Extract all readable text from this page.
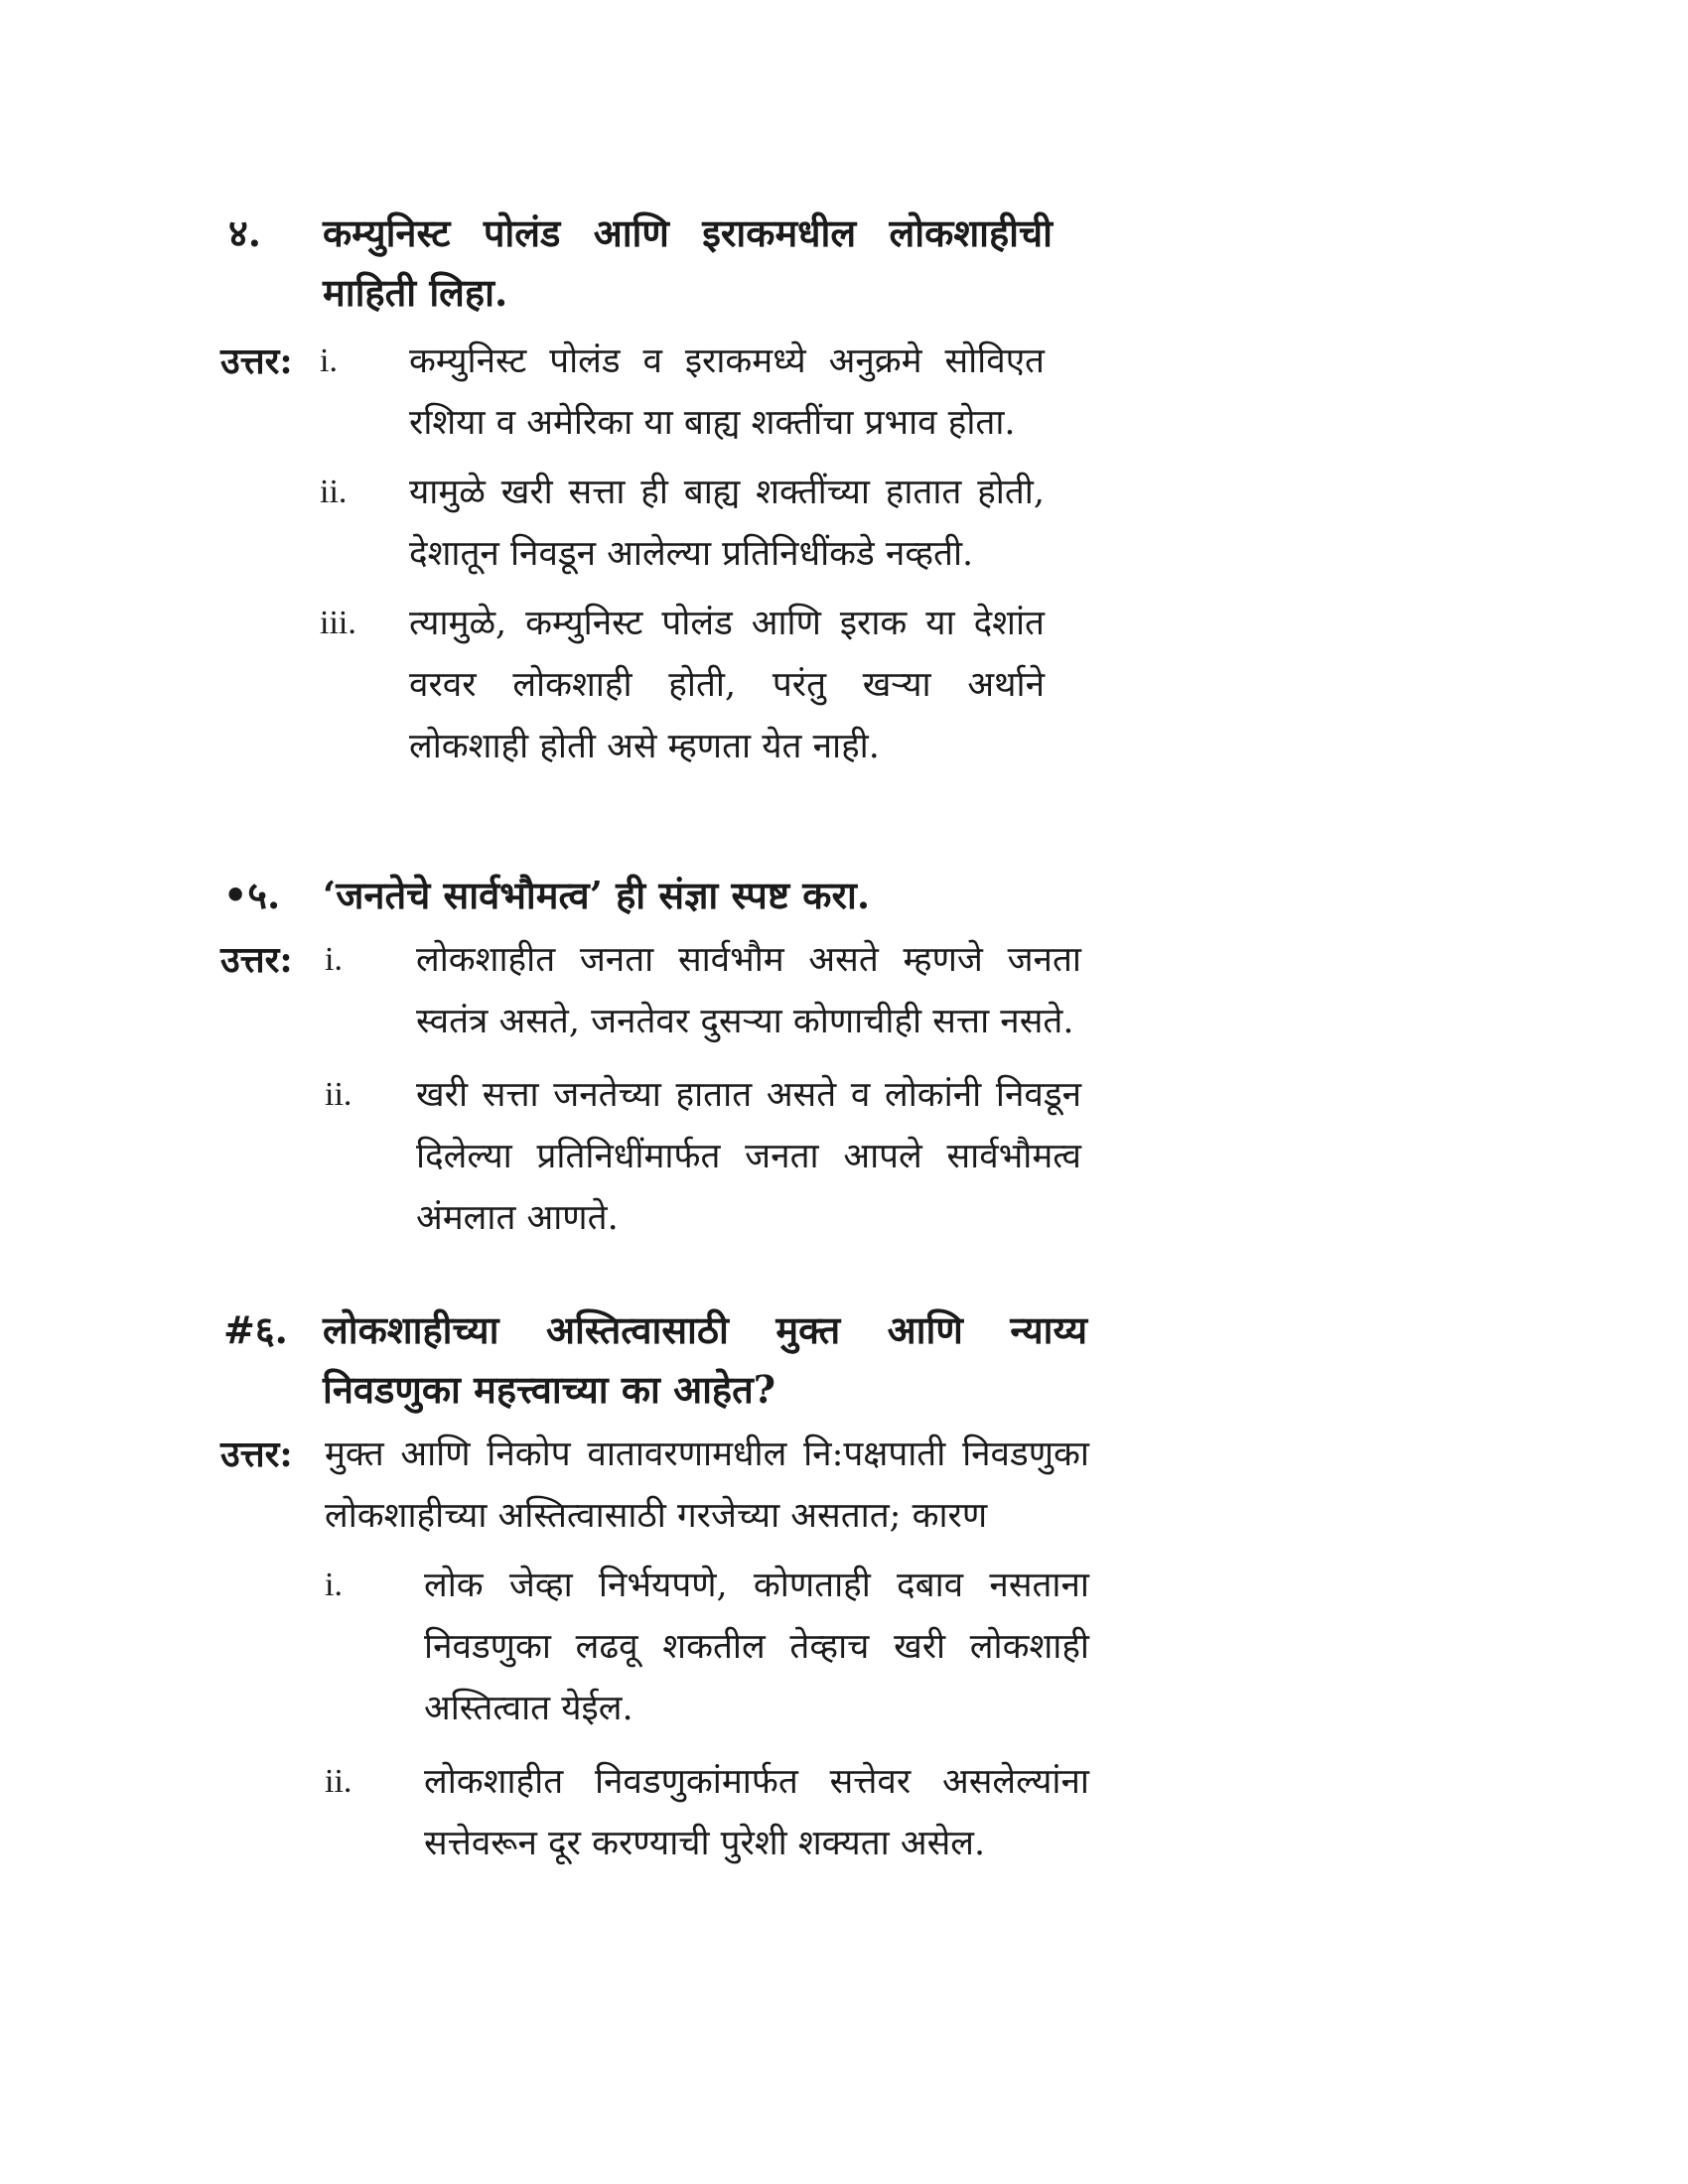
४.	कम्युनिस्ट पोलंड आणि इराकमधील लोकशाहीची माहिती लिहा.
उत्तर: i.	कम्युनिस्ट पोलंड व इराकमध्ये अनुक्रमे सोविएत रशिया व अमेरिका या बाह्य शक्तींचा प्रभाव होता.
ii.	यामुळे खरी सत्ता ही बाह्य शक्तींच्या हातात होती, देशातून निवडून आलेल्या प्रतिनिधींकडे नव्हती.
iii.	त्यामुळे, कम्युनिस्ट पोलंड आणि इराक या देशांत वरवर लोकशाही होती, परंतु खऱ्या अर्थाने लोकशाही होती असे म्हणता येत नाही.
•५.	‘जनतेचे सार्वभौमत्व’ ही संज्ञा स्पष्ट करा.
उत्तर: i.	लोकशाहीत जनता सार्वभौम असते म्हणजे जनता स्वतंत्र असते, जनतेवर दुसऱ्या कोणाचीही सत्ता नसते.
ii.	खरी सत्ता जनतेच्या हातात असते व लोकांनी निवडून दिलेल्या प्रतिनिधींमार्फत जनता आपले सार्वभौमत्व अंमलात आणते.
#६. लोकशाहीच्या अस्तित्वासाठी मुक्त आणि न्याय्य निवडणुका महत्त्वाच्या का आहेत?
उत्तर: मुक्त आणि निकोप वातावरणामधील नि:पक्षपाती निवडणुका लोकशाहीच्या अस्तित्वासाठी गरजेच्या असतात; कारण
i.	लोक जेव्हा निर्भयपणे, कोणताही दबाव नसताना निवडणुका लढवू शकतील तेव्हाच खरी लोकशाही अस्तित्वात येईल.
ii.	लोकशाहीत निवडणुकांमार्फत सत्तेवर असलेल्यांना सत्तेवरून दूर करण्याची पुरेशी शक्यता असेल.
